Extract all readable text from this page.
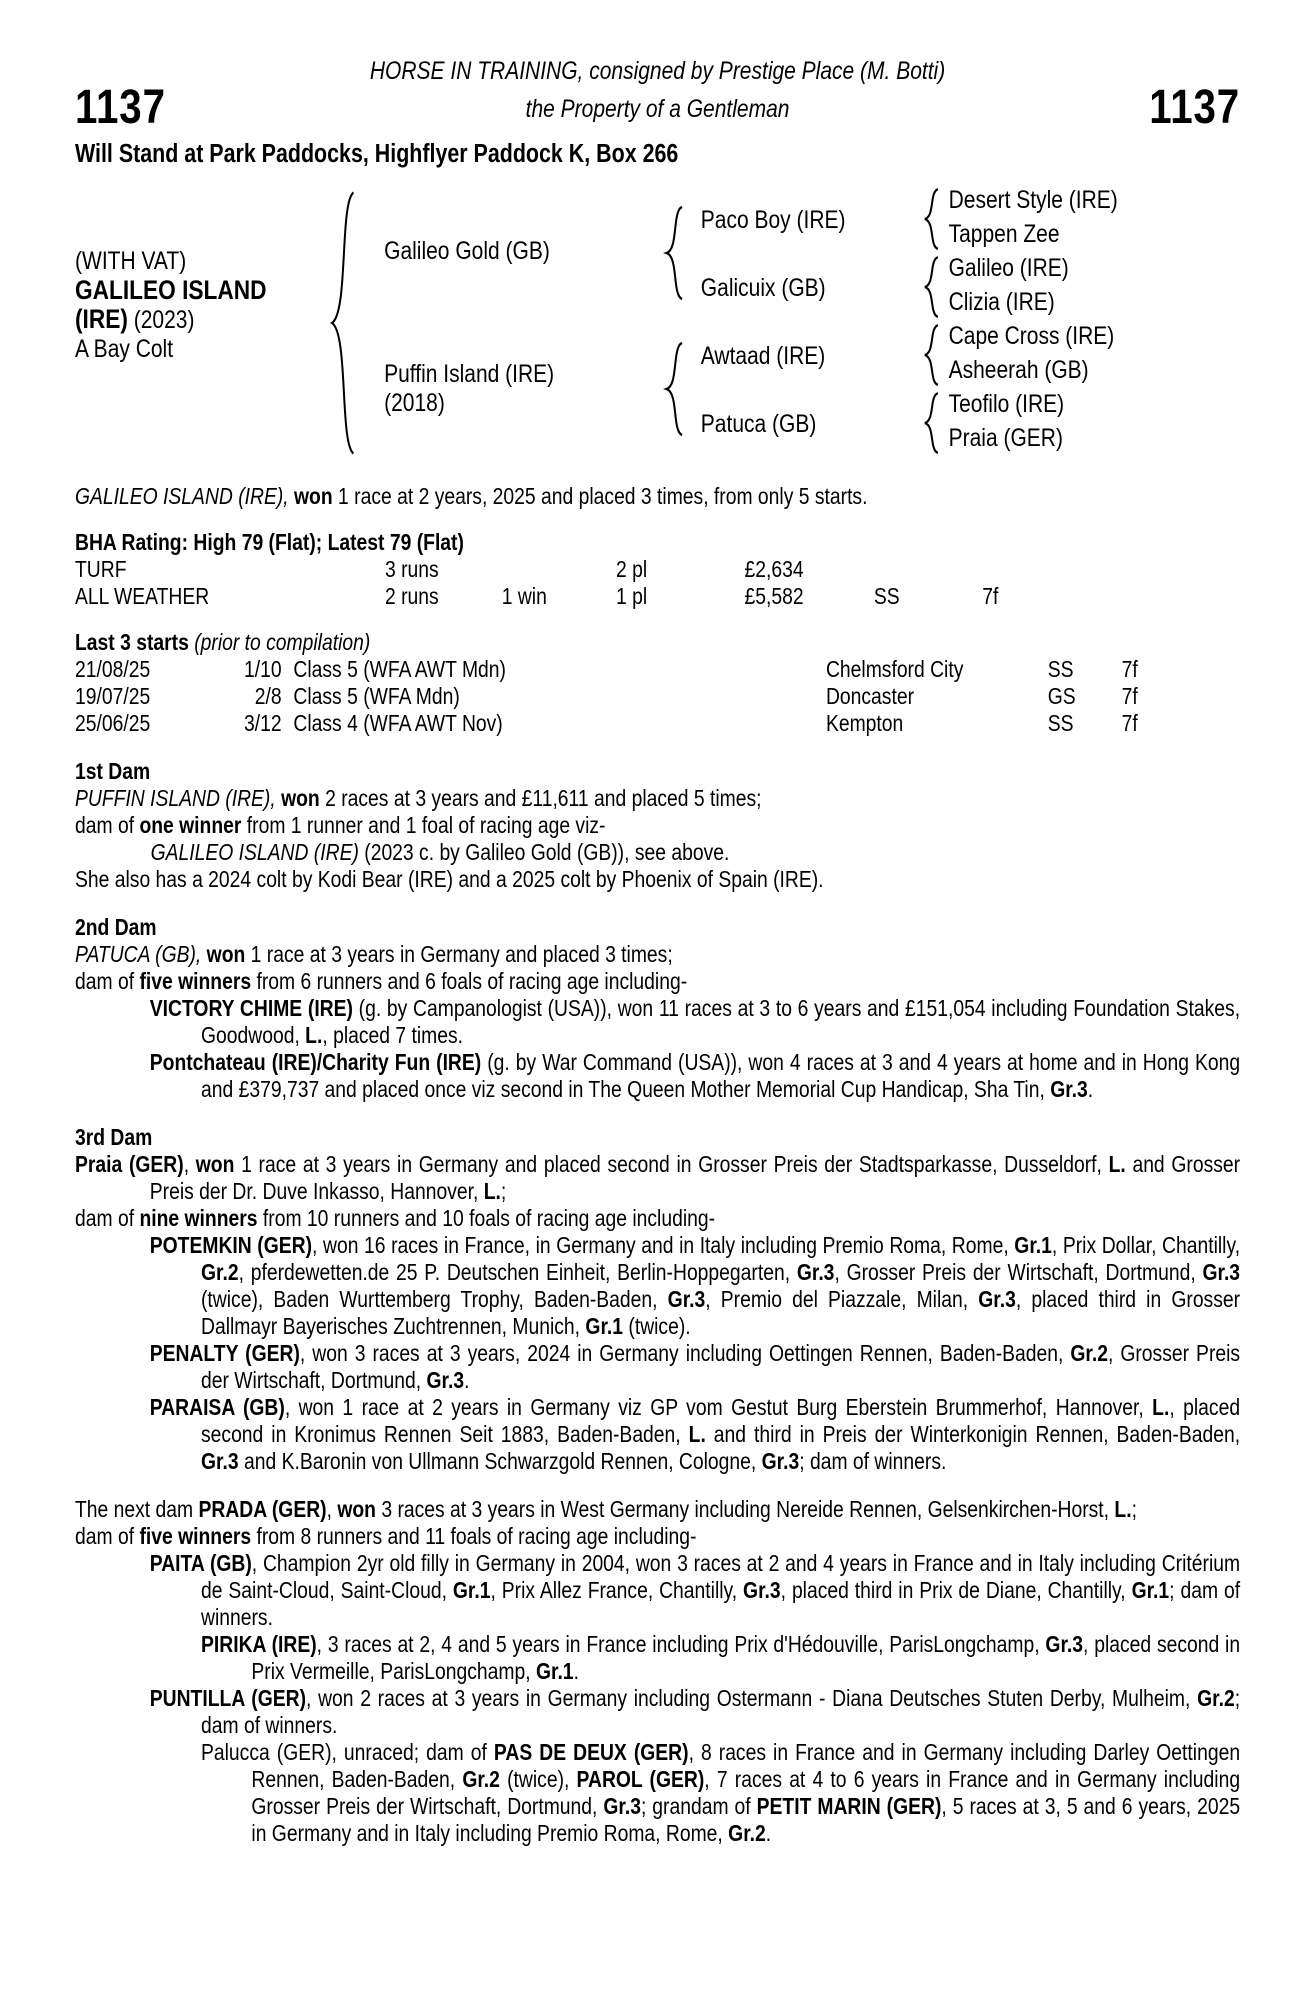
HORSE IN TRAINING, consigned by Prestige Place (M. Botti)
1137	the Property of a Gentleman	1137
Will Stand at Park Paddocks, Highflyer Paddock K, Box 266
(WITH VAT)
GALILEO ISLAND
(IRE) (2023)
A Bay Colt
Galileo Gold (GB)
Puffin Island (IRE)
(2018)
Paco Boy (IRE)
Galicuix (GB)
Awtaad (IRE)
Patuca (GB)
Desert Style (IRE)
Tappen Zee
Galileo (IRE)
Clizia (IRE)
Cape Cross (IRE)
Asheerah (GB)
Teofilo (IRE)
Praia (GER)
GALILEO ISLAND (IRE), won 1 race at 2 years, 2025 and placed 3 times, from only 5 starts.
BHA Rating: High 79 (Flat); Latest 79 (Flat)
TURF	3 runs	2 pl	£2,634
ALL WEATHER	2 runs	1 win	1 pl	£5,582	SS	7f
Last 3 starts (prior to compilation)
21/08/25	1/10 Class 5 (WFA AWT Mdn)	Chelmsford City	SS	7f
19/07/25	2/8 Class 5 (WFA Mdn)	Doncaster	GS	7f
25/06/25	3/12 Class 4 (WFA AWT Nov)	Kempton	SS	7f
1st Dam
PUFFIN ISLAND (IRE), won 2 races at 3 years and £11,611 and placed 5 times;
dam of one winner from 1 runner and 1 foal of racing age viz-
GALILEO ISLAND (IRE) (2023 c. by Galileo Gold (GB)), see above.
She also has a 2024 colt by Kodi Bear (IRE) and a 2025 colt by Phoenix of Spain (IRE).
2nd Dam
PATUCA (GB), won 1 race at 3 years in Germany and placed 3 times;
dam of five winners from 6 runners and 6 foals of racing age including-
VICTORY CHIME (IRE) (g. by Campanologist (USA)), won 11 races at 3 to 6 years and £151,054 including Foundation Stakes, Goodwood, L., placed 7 times.
Pontchateau (IRE)/Charity Fun (IRE) (g. by War Command (USA)), won 4 races at 3 and 4 years at home and in Hong Kong and £379,737 and placed once viz second in The Queen Mother Memorial Cup Handicap, Sha Tin, Gr.3.
3rd Dam
Praia (GER), won 1 race at 3 years in Germany and placed second in Grosser Preis der Stadtsparkasse, Dusseldorf, L. and Grosser Preis der Dr. Duve Inkasso, Hannover, L.;
dam of nine winners from 10 runners and 10 foals of racing age including-
POTEMKIN (GER), won 16 races in France, in Germany and in Italy including Premio Roma, Rome, Gr.1, Prix Dollar, Chantilly, Gr.2, pferdewetten.de 25 P. Deutschen Einheit, Berlin-Hoppegarten, Gr.3, Grosser Preis der Wirtschaft, Dortmund, Gr.3 (twice), Baden Wurttemberg Trophy, Baden-Baden, Gr.3, Premio del Piazzale, Milan, Gr.3, placed third in Grosser Dallmayr Bayerisches Zuchtrennen, Munich, Gr.1 (twice).
PENALTY (GER), won 3 races at 3 years, 2024 in Germany including Oettingen Rennen, Baden-Baden, Gr.2, Grosser Preis der Wirtschaft, Dortmund, Gr.3.
PARAISA (GB), won 1 race at 2 years in Germany viz GP vom Gestut Burg Eberstein Brummerhof, Hannover, L., placed second in Kronimus Rennen Seit 1883, Baden-Baden, L. and third in Preis der Winterkonigin Rennen, Baden-Baden, Gr.3 and K.Baronin von Ullmann Schwarzgold Rennen, Cologne, Gr.3; dam of winners.
The next dam PRADA (GER), won 3 races at 3 years in West Germany including Nereide Rennen, Gelsenkirchen-Horst, L.;
dam of five winners from 8 runners and 11 foals of racing age including-
PAITA (GB), Champion 2yr old filly in Germany in 2004, won 3 races at 2 and 4 years in France and in Italy including Critérium de Saint-Cloud, Saint-Cloud, Gr.1, Prix Allez France, Chantilly, Gr.3, placed third in Prix de Diane, Chantilly, Gr.1; dam of winners.
PIRIKA (IRE), 3 races at 2, 4 and 5 years in France including Prix d'Hédouville, ParisLongchamp, Gr.3, placed second in Prix Vermeille, ParisLongchamp, Gr.1.
PUNTILLA (GER), won 2 races at 3 years in Germany including Ostermann - Diana Deutsches Stuten Derby, Mulheim, Gr.2; dam of winners.
Palucca (GER), unraced; dam of PAS DE DEUX (GER), 8 races in France and in Germany including Darley Oettingen Rennen, Baden-Baden, Gr.2 (twice), PAROL (GER), 7 races at 4 to 6 years in France and in Germany including Grosser Preis der Wirtschaft, Dortmund, Gr.3; grandam of PETIT MARIN (GER), 5 races at 3, 5 and 6 years, 2025 in Germany and in Italy including Premio Roma, Rome, Gr.2.
